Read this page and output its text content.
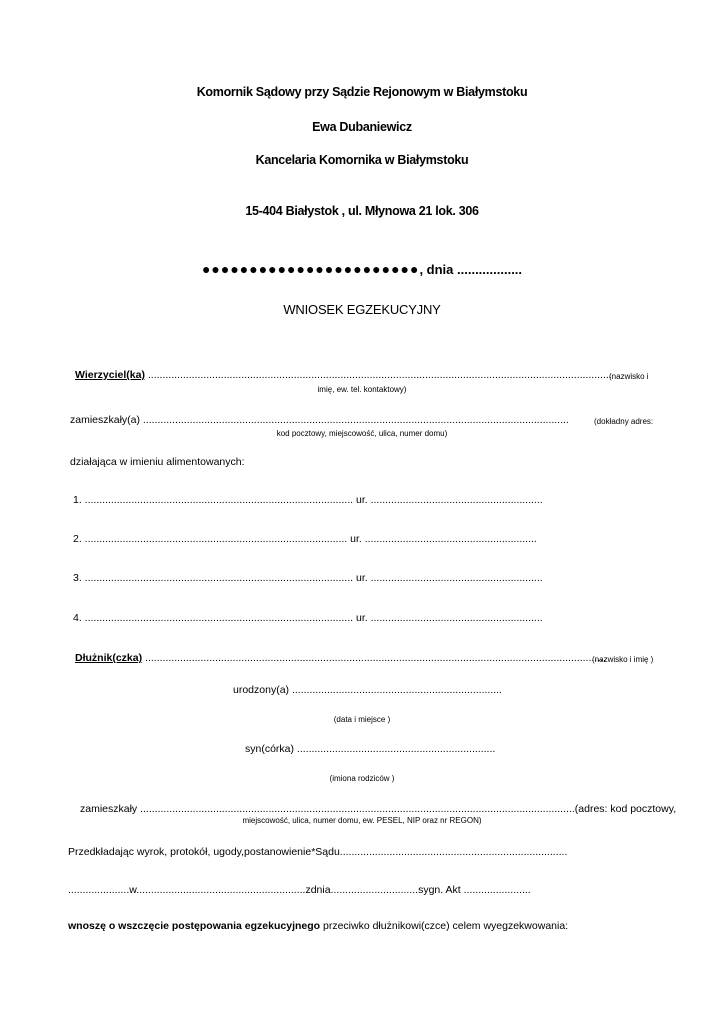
Komornik Sądowy przy Sądzie Rejonowym w Białymstoku
Ewa Dubaniewicz
Kancelaria Komornika w Białymstoku
15-404 Białystok , ul. Młynowa 21 lok. 306
●●●●●●●●●●●●●●●●●●●●●●●, dnia ..................
WNIOSEK EGZEKUCYJNY
Wierzyciel(ka) ...............................................................................................................................................................
(nazwisko i
imię, ew. tel. kontaktowy)
zamieszkały(a) ..................................................................................................................................................	(dokładny adres:
kod pocztowy, miejscowość, ulica, numer domu)
działająca w imieniu alimentowanych:
1. ............................................................................................ ur. ...........................................................
2. .......................................................................................... ur. ...........................................................
3. ............................................................................................ ur. ...........................................................
4. ............................................................................................ ur. ...........................................................
Dłużnik(czka) ..............................................................................................................................................................
(nazwisko i imię )
urodzony(a) ........................................................................
(data i miejsce )
syn(córka) ....................................................................
(imiona rodziców )
zamieszkały .....................................................................................................................................................(adres: kod pocztowy,
miejscowość, ulica, numer domu, ew. PESEL, NIP oraz nr REGON)
Przedkładając wyrok, protokół, ugody,postanowienie*Sądu..............................................................................
.....................w..........................................................zdnia..............................sygn. Akt .......................
wnoszę o wszczęcie postępowania egzekucyjnego przeciwko dłużnikowi(czce) celem wyegzekwowania:
